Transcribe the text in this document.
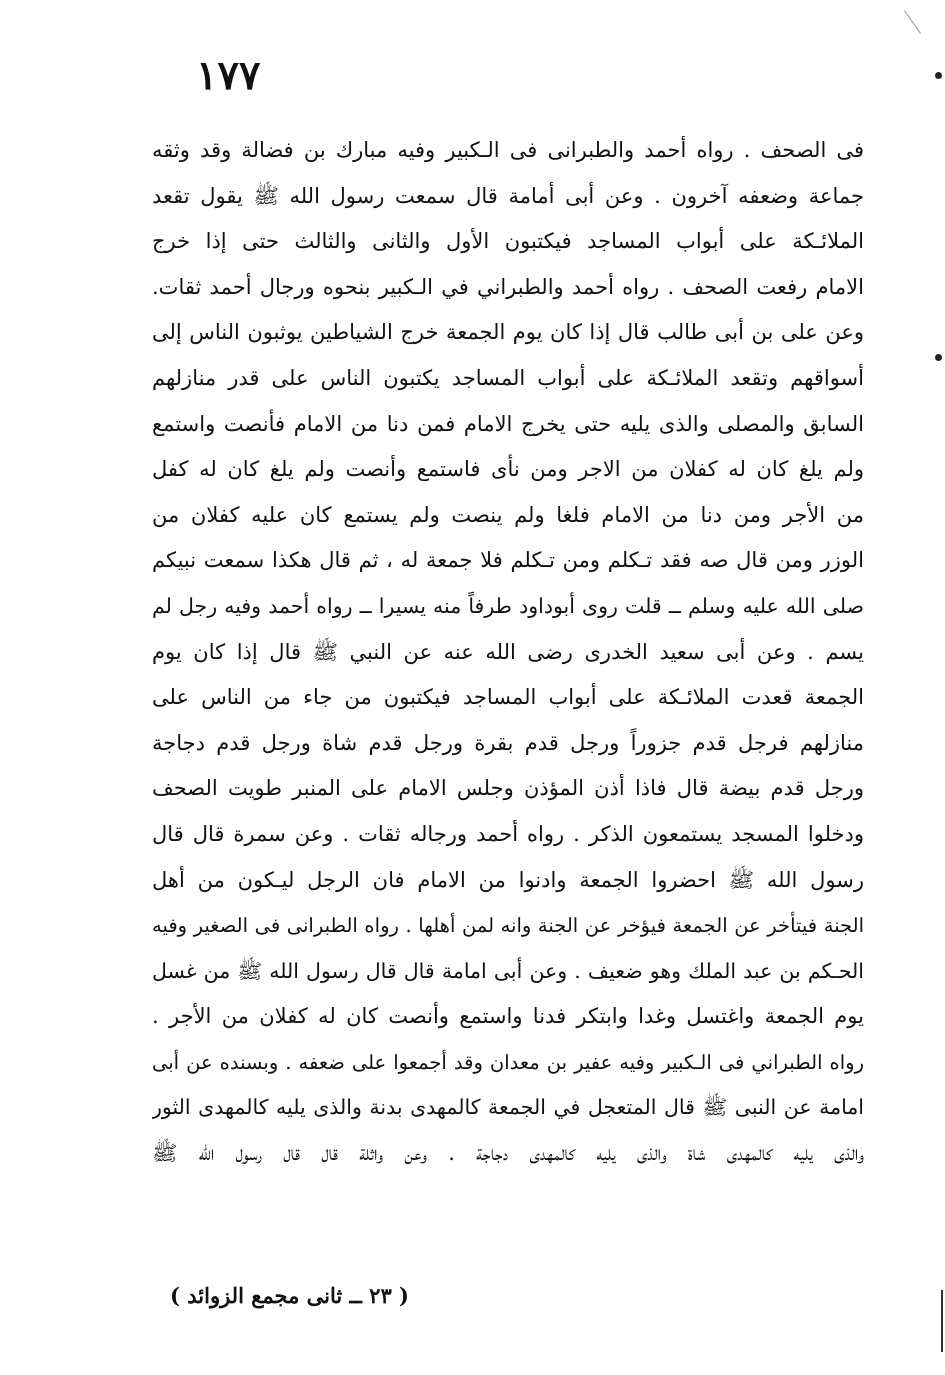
١٧٧
فى الصحف . رواه أحمد والطبرانى فى الـكبير وفيه مبارك بن فضالة وقد وثقه
جماعة وضعفه آخرون . وعن أبى أمامة قال سمعت رسول الله ﷺ يقول تقعد
الملائـكة على أبواب المساجد فيكتبون الأول والثانى والثالث حتى إذا خرج
الامام رفعت الصحف . رواه أحمد والطبراني في الـكبير بنحوه ورجال أحمد ثقات.
وعن على بن أبى طالب قال إذا كان يوم الجمعة خرج الشياطين يوثبون الناس إلى
أسواقهم وتقعد الملائـكة على أبواب المساجد يكتبون الناس على قدر منازلهم
السابق والمصلى والذى يليه حتى يخرج الامام فمن دنا من الامام فأنصت واستمع
ولم يلغ كان له كفلان من الاجر ومن نأى فاستمع وأنصت ولم يلغ كان له كفل
من الأجر ومن دنا من الامام فلغا ولم ينصت ولم يستمع كان عليه كفلان من
الوزر ومن قال صه فقد تـكلم ومن تـكلم فلا جمعة له ، ثم قال هكذا سمعت نبيكم
صلى الله عليه وسلم ــ قلت روى أبوداود طرفاً منه يسيرا ــ رواه أحمد وفيه رجل لم
يسم . وعن أبى سعيد الخدرى رضى الله عنه عن النبي ﷺ قال إذا كان يوم
الجمعة قعدت الملائـكة على أبواب المساجد فيكتبون من جاء من الناس على
منازلهم فرجل قدم جزوراً ورجل قدم بقرة ورجل قدم شاة ورجل قدم دجاجة
ورجل قدم بيضة قال فاذا أذن المؤذن وجلس الامام على المنبر طويت الصحف
ودخلوا المسجد يستمعون الذكر . رواه أحمد ورجاله ثقات . وعن سمرة قال قال
رسول الله ﷺ احضروا الجمعة وادنوا من الامام فان الرجل ليـكون من أهل
الجنة فيتأخر عن الجمعة فيؤخر عن الجنة وانه لمن أهلها . رواه الطبرانى فى الصغير وفيه
الحـكم بن عبد الملك وهو ضعيف . وعن أبى امامة قال قال رسول الله ﷺ من غسل
يوم الجمعة واغتسل وغدا وابتكر فدنا واستمع وأنصت كان له كفلان من الأجر .
رواه الطبراني فى الـكبير وفيه عفير بن معدان وقد أجمعوا على ضعفه . وبسنده عن أبى
امامة عن النبى ﷺ قال المتعجل في الجمعة كالمهدى بدنة والذى يليه كالمهدى الثور
والذى يليه كالمهدى شاة والذى يليه كالمهدى دجاجة . وعن واثلة قال قال رسول الله ﷺ
( ٢٣ ــ ثانى مجمع الزوائد )
